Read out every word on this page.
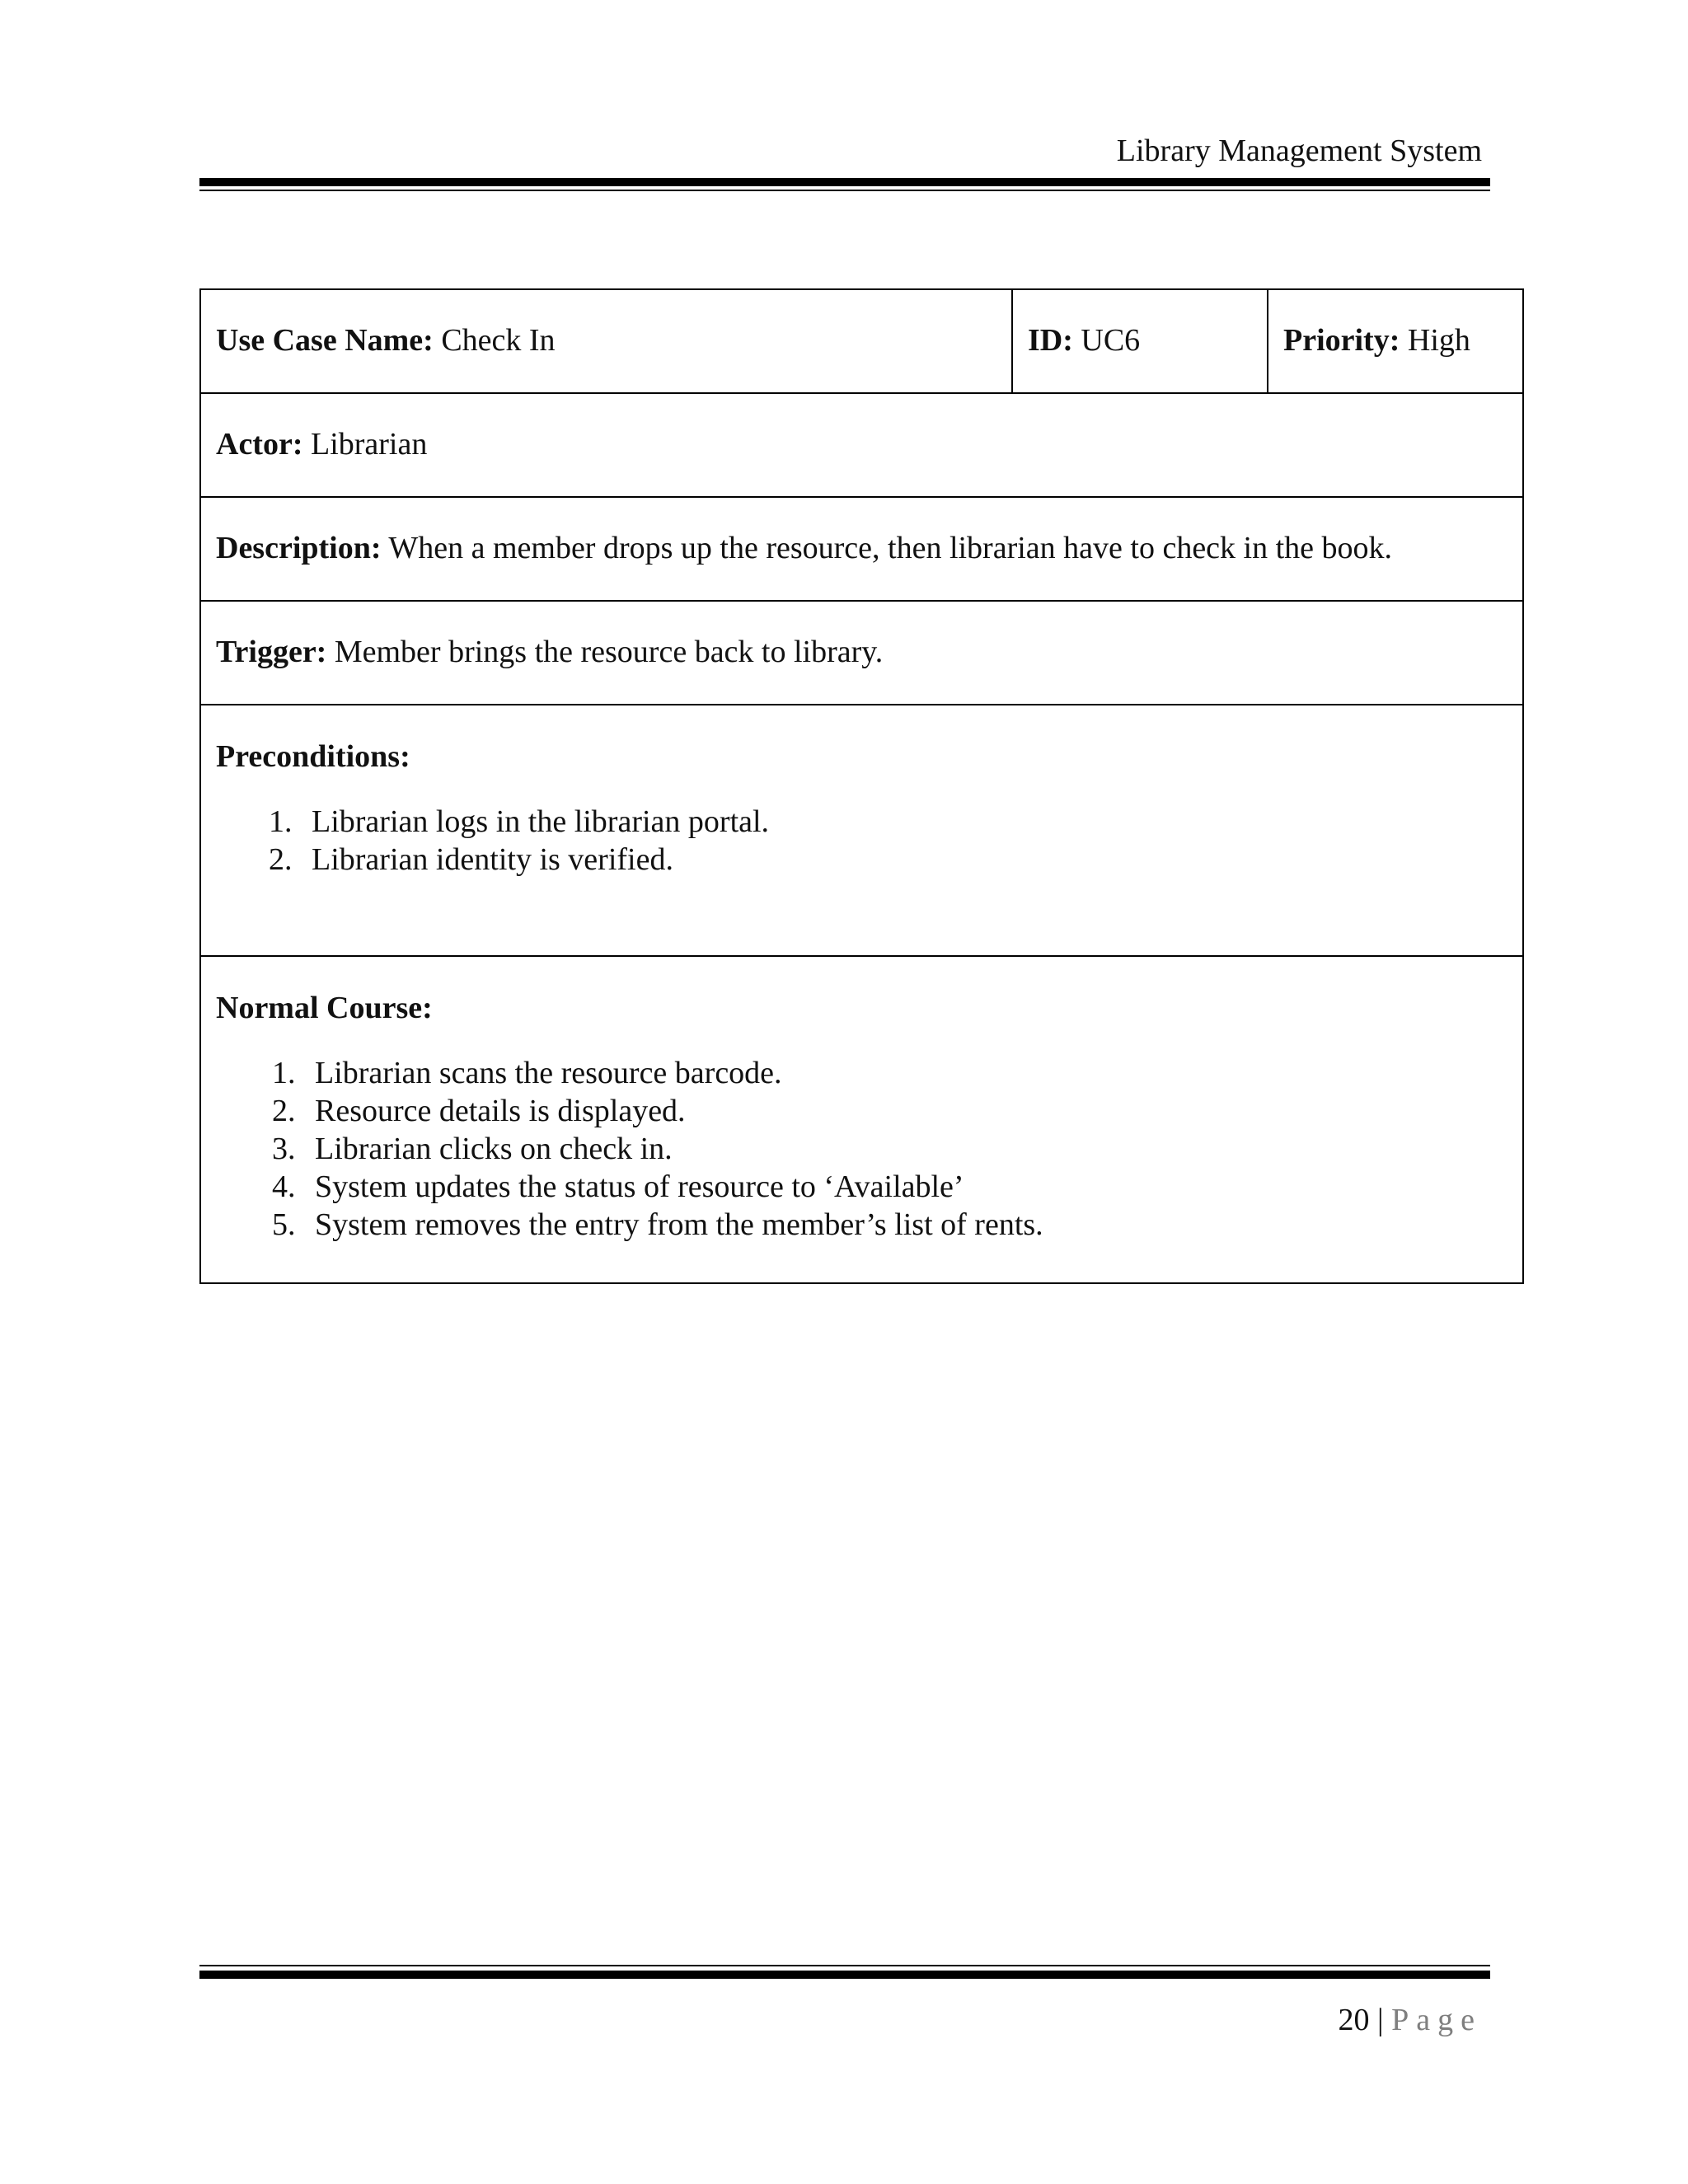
Library Management System
Use Case Name: Check In	ID: UC6	Priority: High
Actor: Librarian
Description: When a member drops up the resource, then librarian have to check in the book.
Trigger: Member brings the resource back to library.

Preconditions:
1. Librarian logs in the librarian portal.
2. Librarian identity is verified.

Normal Course:
1. Librarian scans the resource barcode.
2. Resource details is displayed.
3. Librarian clicks on check in.
4. System updates the status of resource to ‘Available’
5. System removes the entry from the member’s list of rents.
20 | Page
